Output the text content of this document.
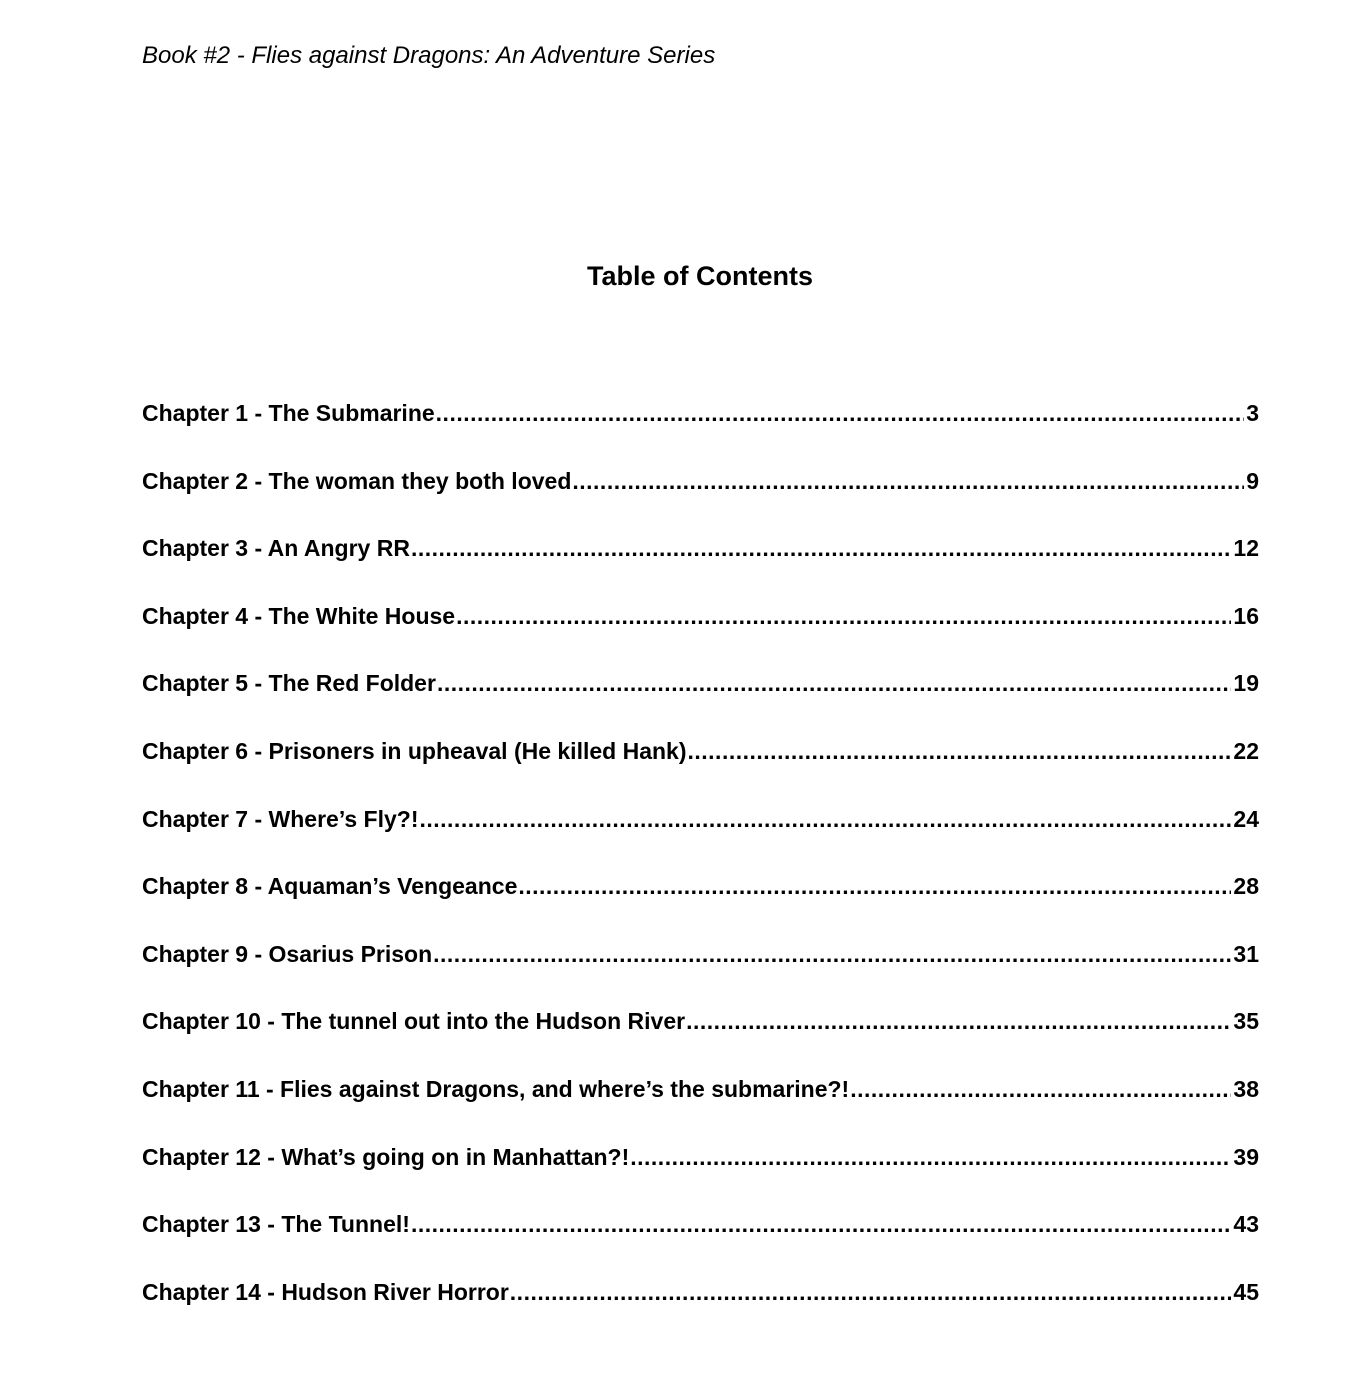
Book #2 - Flies against Dragons: An Adventure Series
Table of Contents
Chapter 1 - The Submarine .....	3
Chapter 2 - The woman they both loved .....	9
Chapter 3 - An Angry RR .....	12
Chapter 4 - The White House .....	16
Chapter 5 - The Red Folder .....	19
Chapter 6 - Prisoners in upheaval (He killed Hank) .....	22
Chapter 7 - Where’s Fly?! .....	24
Chapter 8 - Aquaman’s Vengeance .....	28
Chapter 9 - Osarius Prison .....	31
Chapter 10 - The tunnel out into the Hudson River .....	35
Chapter 11 - Flies against Dragons, and where’s the submarine?! .....	38
Chapter 12 - What’s going on in Manhattan?! .....	39
Chapter 13 - The Tunnel! .....	43
Chapter 14 - Hudson River Horror .....	45
